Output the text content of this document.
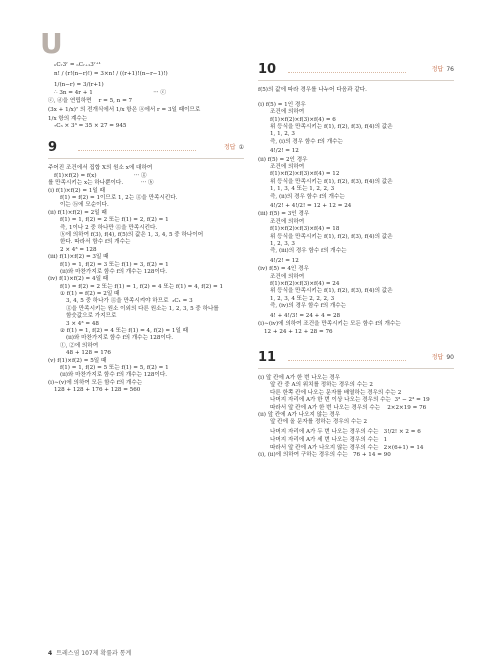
U
ₙCᵣ3ʳ = ₙCᵣ₊₁3ʳ⁺¹
n! / (r!(n−r)!) = 3×n! / ((r+1)!(n−r−1)!)
1/(n−r) = 3/(r+1)
∴ 3n = 4r + 1                                  ··· ⓒ
ⓒ, ⓓ을 연립하면    r = 5, n = 7
(3x + 1/x)⁷ 의 전개식에서 1/x 항은 ⓐ에서 r = 3일 때이므로
1/x 항의 계수는
₇C₃ × 3³ = 35 × 27 = 945
9	정답 ①
주어진 조건에서 집합 X의 원소 x에 대하여
f(1)×f(2) = f(x)                     ··· ⓖ
를 만족시키는 x는 하나뿐이다.          ··· ⓗ
(i) f(1)×f(2) = 1일 때
f(1) = f(2) = 1이므로 1, 2는 ⓖ을 만족시킨다.
이는 ⓗ에 모순이다.
(ii) f(1)×f(2) = 2일 때
f(1) = 1, f(2) = 2 또는 f(1) = 2, f(2) = 1
즉, 1이나 2 중 하나만 ⓖ을 만족시킨다.
ⓗ에 의하여 f(3), f(4), f(5)의 값은 1, 3, 4, 5 중 하나이어
한다. 따라서 함수 f의 개수는
2 × 4³ = 128
(iii) f(1)×f(2) = 3일 때
f(1) = 1, f(2) = 3 또는 f(1) = 3, f(2) = 1
(ii)와 마찬가지로 함수 f의 개수는 128이다.
(iv) f(1)×f(2) = 4일 때
f(1) = f(2) = 2 또는 f(1) = 1, f(2) = 4 또는 f(1) = 4, f(2) = 1
① f(1) = f(2) = 2일 때
3, 4, 5 중 하나가 ⓖ을 만족시켜야 하므로  ₃C₁ = 3
ⓖ을 만족시키는 원소 이외의 다른 원소는 1, 2, 3, 5 중 하나를
함숫값으로 가지므로
3 × 4³ = 48
② f(1) = 1, f(2) = 4 또는 f(1) = 4, f(2) = 1일 때
(ii)와 마찬가지로 함수 f의 개수는 128이다.
①, ②에 의하여
48 + 128 = 176
(v) f(1)×f(2) = 5일 때
f(1) = 1, f(2) = 5 또는 f(1) = 5, f(2) = 1
(ii)와 마찬가지로 함수 f의 개수는 128이다.
(i)∼(v)에 의하여 모든 함수 f의 개수는
128 + 128 + 176 + 128 = 560
10	정답 76
f(5)의 값에 따라 경우를 나누어 다음과 같다.
(i) f(5) = 1인 경우
조건에 의하여
f(1)×f(2)×f(3)×f(4) = 6
위 등식을 만족시키는 f(1), f(2), f(3), f(4)의 값은
1, 1, 2, 3
즉, (i)의 경우 함수 f의 개수는
4!/2! = 12
(ii) f(5) = 2인 경우
조건에 의하여
f(1)×f(2)×f(3)×f(4) = 12
위 등식을 만족시키는 f(1), f(2), f(3), f(4)의 값은
1, 1, 3, 4 또는 1, 2, 2, 3
즉, (ii)의 경우 함수 f의 개수는
4!/2! + 4!/2! = 12 + 12 = 24
(iii) f(5) = 3인 경우
조건에 의하여
f(1)×f(2)×f(3)×f(4) = 18
위 등식을 만족시키는 f(1), f(2), f(3), f(4)의 값은
1, 2, 3, 3
즉, (iii)의 경우 함수 f의 개수는
4!/2! = 12
(iv) f(5) = 4인 경우
조건에 의하여
f(1)×f(2)×f(3)×f(4) = 24
위 등식을 만족시키는 f(1), f(2), f(3), f(4)의 값은
1, 2, 3, 4 또는 2, 2, 2, 3
즉, (iv)의 경우 함수 f의 개수는
4! + 4!/3! = 24 + 4 = 28
(i)∼(iv)에 의하여 조건을 만족시키는 모든 함수 f의 개수는
12 + 24 + 12 + 28 = 76
11	정답 90
(i) 앞 칸에 A가 한 번 나오는 경우
앞 칸 중 A의 위치를 정하는 경우의 수는 2
다른 한쪽 칸에 나오는 문자를 배열하는 경우의 수는 2
나머지 자리에 A가 한 번 이상 나오는 경우의 수는  3³ − 2³ = 19
따라서 앞 칸에 A가 한 번 나오는 경우의 수는    2×2×19 = 76
(ii) 앞 칸에 A가 나오지 않는 경우
앞 칸에 올 문자를 정하는 경우의 수는 2
나머지 자리에 A가 두 번 나오는 경우의 수는   3!/2! × 2 = 6
나머지 자리에 A가 세 번 나오는 경우의 수는   1
따라서 앞 칸에 A가 나오지 않는 경우의 수는   2×(6+1) = 14
(i), (ii)에 의하여 구하는 경우의 수는   76 + 14 = 90
4 트레스염 107제 확률과 통계
